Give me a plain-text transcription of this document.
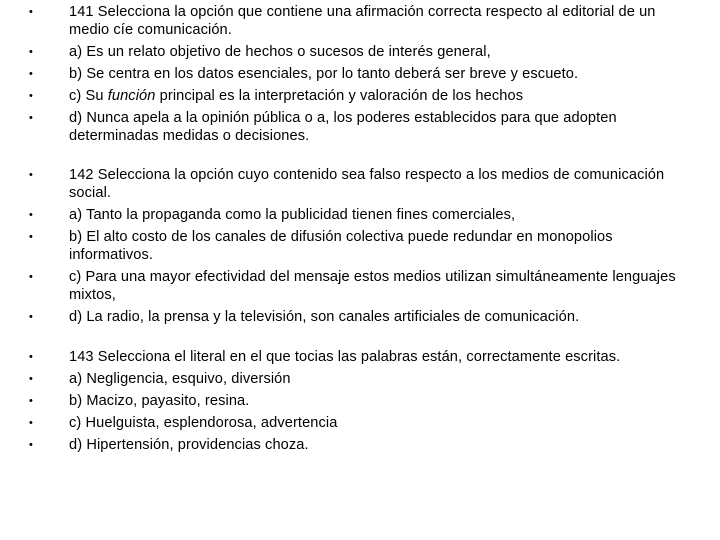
• 141 Selecciona la opción que contiene una afirmación correcta respecto al editorial de un medio cíe comunicación.
• a) Es un relato objetivo de hechos o sucesos de interés general,
• b) Se centra en los datos esenciales, por lo tanto deberá ser breve y escueto.
• c) Su función principal es la interpretación y valoración de los hechos
• d) Nunca apela a la opinión pública o a, los poderes establecidos para que adopten determinadas medidas o decisiones.
• 142 Selecciona la opción cuyo contenido sea falso respecto a los medios de comunicación social.
• a) Tanto la propaganda como la publicidad tienen fines comerciales,
• b) El alto costo de los canales de difusión colectiva puede redundar en monopolios informativos.
• c) Para una mayor efectividad del mensaje estos medios utilizan simultáneamente lenguajes mixtos,
• d) La radio, la prensa y la televisión, son canales artificiales de comunicación.
• 143 Selecciona el literal en el que tocias las palabras están, correctamente escritas.
• a) Negligencia, esquivo, diversión
• b) Macizo, payasito, resina.
• c) Huelguista, esplendorosa, advertencia
• d) Hipertensión, providencias choza.
